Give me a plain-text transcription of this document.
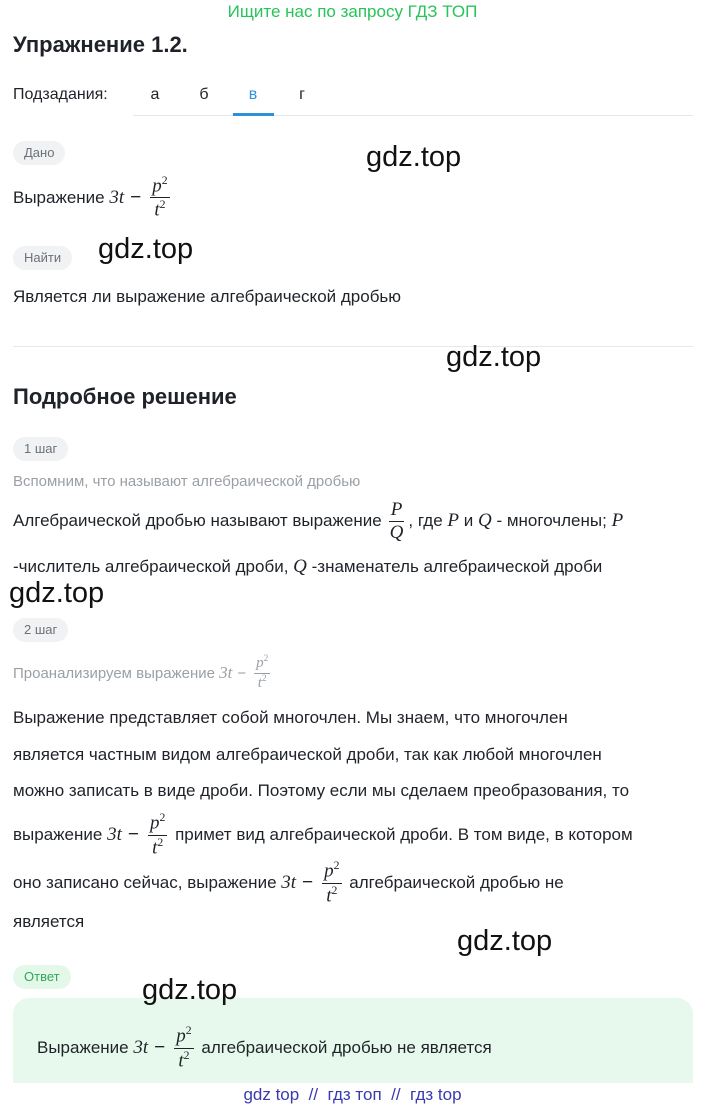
Ищите нас по запросу ГДЗ ТОП
Упражнение 1.2.
Подзадания:	а	б	в	г
Дано
Выражение
$3t - \frac{p^2}{t^2}$
Найти
Является ли выражение алгебраической дробью
Подробное решение
1 шаг
Вспомним, что называют алгебраической дробью
Алгебраической дробью называют выражение $\frac{P}{Q}$ , где
P
и
Q
- многочлены;
P
-числитель алгебраической дроби, Q -знаменатель алгебраической дроби
2 шаг
Проанализируем выражение
$3t - \frac{p^2}{t^2}$
Выражение представляет собой многочлен. Мы знаем, что многочлен
является частным видом алгебраической дроби, так как любой многочлен
можно записать в виде дроби. Поэтому если мы сделаем преобразования, то
выражение
$3t - \frac{p^2}{t^2}$
примет вид алгебраической дроби. В том виде, в котором
оно записано сейчас, выражение
$3t - \frac{p^2}{t^2}$
алгебраической дробью не
является
Ответ
Выражение
$3t - \frac{p^2}{t^2}$
алгебраической дробью не является
gdz.top
gdz.top
gdz.top
gdz.top
gdz.top
gdz.top
gdz top  //  гдз топ  //  гдз top
